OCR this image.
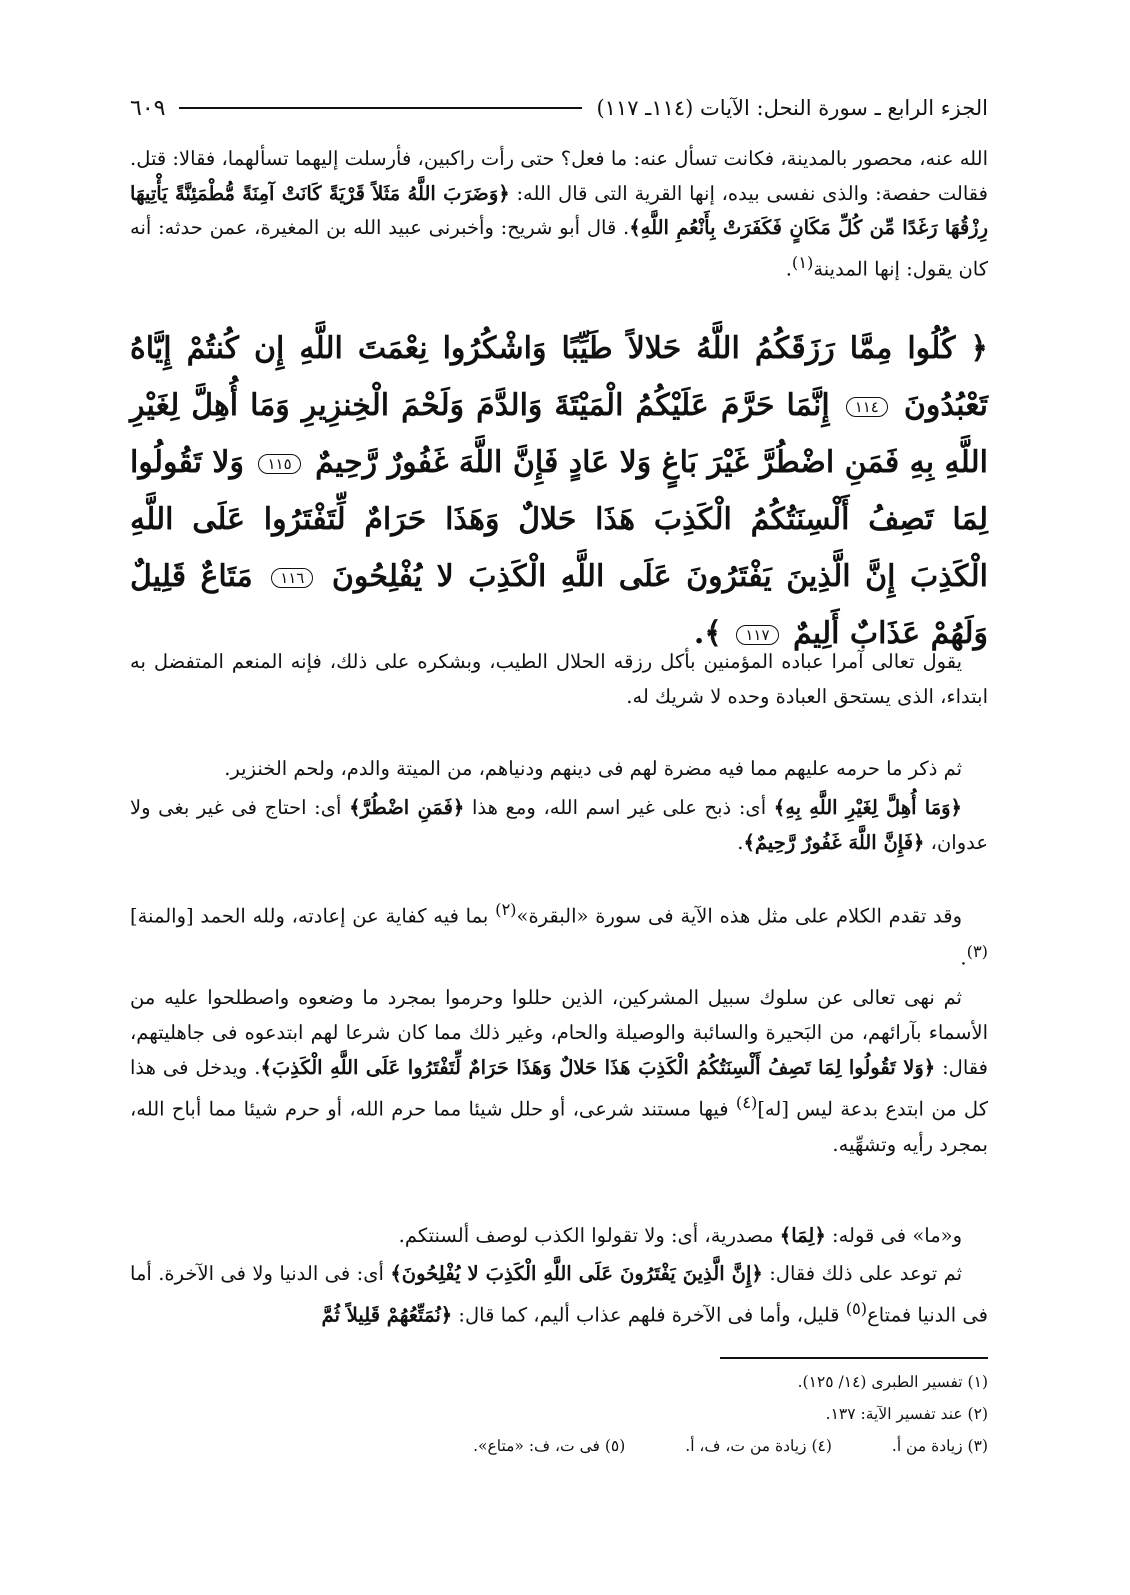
الجزء الرابع ـ سورة النحل: الآيات (١١٤ـ ١١٧)
٦٠٩

الله عنه، محصور بالمدينة، فكانت تسأل عنه: ما فعل؟ حتى رأت راكبين، فأرسلت إليهما تسألهما، فقالا: قتل. فقالت حفصة: والذى نفسى بيده، إنها القرية التى قال الله: ﴿وَضَرَبَ اللَّهُ مَثَلاً قَرْيَةً كَانَتْ آمِنَةً مُّطْمَئِنَّةً يَأْتِيهَا رِزْقُهَا رَغَدًا مِّن كُلِّ مَكَانٍ فَكَفَرَتْ بِأَنْعُمِ اللَّهِ﴾. قال أبو شريح: وأخبرنى عبيد الله بن المغيرة، عمن حدثه: أنه كان يقول: إنها المدينة$^{(١)}$.

﴿ كُلُوا مِمَّا رَزَقَكُمُ اللَّهُ حَلالاً طَيِّبًا وَاشْكُرُوا نِعْمَتَ اللَّهِ إِن كُنتُمْ إِيَّاهُ تَعْبُدُونَ ١١٤ إِنَّمَا حَرَّمَ عَلَيْكُمُ الْمَيْتَةَ وَالدَّمَ وَلَحْمَ الْخِنزِيرِ وَمَا أُهِلَّ لِغَيْرِ اللَّهِ بِهِ فَمَنِ اضْطُرَّ غَيْرَ بَاغٍ وَلا عَادٍ فَإِنَّ اللَّهَ غَفُورٌ رَّحِيمٌ ١١٥ وَلا تَقُولُوا لِمَا تَصِفُ أَلْسِنَتُكُمُ الْكَذِبَ هَذَا حَلالٌ وَهَذَا حَرَامٌ لِّتَفْتَرُوا عَلَى اللَّهِ الْكَذِبَ إِنَّ الَّذِينَ يَفْتَرُونَ عَلَى اللَّهِ الْكَذِبَ لا يُفْلِحُونَ ١١٦ مَتَاعٌ قَلِيلٌ وَلَهُمْ عَذَابٌ أَلِيمٌ ١١٧ ﴾.

يقول تعالى آمرا عباده المؤمنين بأكل رزقه الحلال الطيب، وبشكره على ذلك، فإنه المنعم المتفضل به ابتداء، الذى يستحق العبادة وحده لا شريك له.

ثم ذكر ما حرمه عليهم مما فيه مضرة لهم فى دينهم ودنياهم، من الميتة والدم، ولحم الخنزير.

﴿وَمَا أُهِلَّ لِغَيْرِ اللَّهِ بِهِ﴾ أى: ذبح على غير اسم الله، ومع هذا ﴿فَمَنِ اضْطُرَّ﴾ أى: احتاج فى غير بغى ولا عدوان، ﴿فَإِنَّ اللَّهَ غَفُورٌ رَّحِيمٌ﴾.

وقد تقدم الكلام على مثل هذه الآية فى سورة «البقرة»$^{(٢)}$ بما فيه كفاية عن إعادته، ولله الحمد [والمنة]$^{(٣)}$.

ثم نهى تعالى عن سلوك سبيل المشركين، الذين حللوا وحرموا بمجرد ما وضعوه واصطلحوا عليه من الأسماء بآرائهم، من البَحيرة والسائبة والوصيلة والحام، وغير ذلك مما كان شرعا لهم ابتدعوه فى جاهليتهم، فقال: ﴿وَلا تَقُولُوا لِمَا تَصِفُ أَلْسِنَتُكُمُ الْكَذِبَ هَذَا حَلالٌ وَهَذَا حَرَامٌ لِّتَفْتَرُوا عَلَى اللَّهِ الْكَذِبَ﴾. ويدخل فى هذا كل من ابتدع بدعة ليس [له]$^{(٤)}$ فيها مستند شرعى، أو حلل شيئا مما حرم الله، أو حرم شيئا مما أباح الله، بمجرد رأيه وتشهِّيه.

و«ما» فى قوله: ﴿لِمَا﴾ مصدرية، أى: ولا تقولوا الكذب لوصف ألسنتكم.

ثم توعد على ذلك فقال: ﴿إِنَّ الَّذِينَ يَفْتَرُونَ عَلَى اللَّهِ الْكَذِبَ لا يُفْلِحُونَ﴾ أى: فى الدنيا ولا فى الآخرة. أما فى الدنيا فمتاع$^{(٥)}$ قليل، وأما فى الآخرة فلهم عذاب أليم، كما قال: ﴿نُمَتِّعُهُمْ قَلِيلاً ثُمَّ

(١) تفسير الطبرى (١٤/ ١٢٥).

(٢) عند تفسير الآية: ١٣٧.

(٣) زيادة من أ.
(٤) زيادة من ت، ف، أ.
(٥) فى ت، ف: «متاع».
